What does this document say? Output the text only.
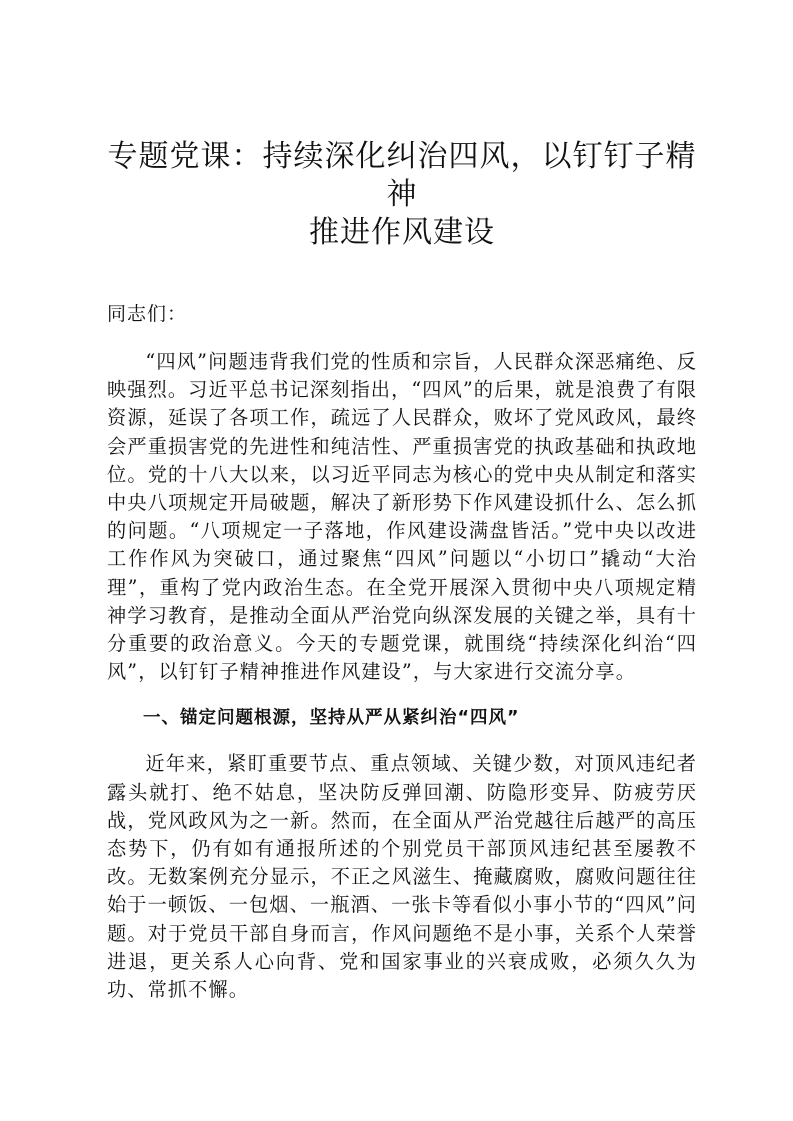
专题党课：持续深化纠治四风，以钉钉子精神
推进作风建设

同志们：

“四风”问题违背我们党的性质和宗旨，人民群众深恶痛绝、反映强烈。习近平总书记深刻指出，“四风”的后果，就是浪费了有限资源，延误了各项工作，疏远了人民群众，败坏了党风政风，最终会严重损害党的先进性和纯洁性、严重损害党的执政基础和执政地位。党的十八大以来，以习近平同志为核心的党中央从制定和落实中央八项规定开局破题，解决了新形势下作风建设抓什么、怎么抓的问题。“八项规定一子落地，作风建设满盘皆活。”党中央以改进工作作风为突破口，通过聚焦“四风”问题以“小切口”撬动“大治理”，重构了党内政治生态。在全党开展深入贯彻中央八项规定精神学习教育，是推动全面从严治党向纵深发展的关键之举，具有十分重要的政治意义。今天的专题党课，就围绕“持续深化纠治“四风”，以钉钉子精神推进作风建设”，与大家进行交流分享。

一、锚定问题根源，坚持从严从紧纠治“四风”

近年来，紧盯重要节点、重点领域、关键少数，对顶风违纪者露头就打、绝不姑息，坚决防反弹回潮、防隐形变异、防疲劳厌战，党风政风为之一新。然而，在全面从严治党越往后越严的高压态势下，仍有如有通报所述的个别党员干部顶风违纪甚至屡教不改。无数案例充分显示，不正之风滋生、掩藏腐败，腐败问题往往始于一顿饭、一包烟、一瓶酒、一张卡等看似小事小节的“四风”问题。对于党员干部自身而言，作风问题绝不是小事，关系个人荣誉进退，更关系人心向背、党和国家事业的兴衰成败，必须久久为功、常抓不懈。
